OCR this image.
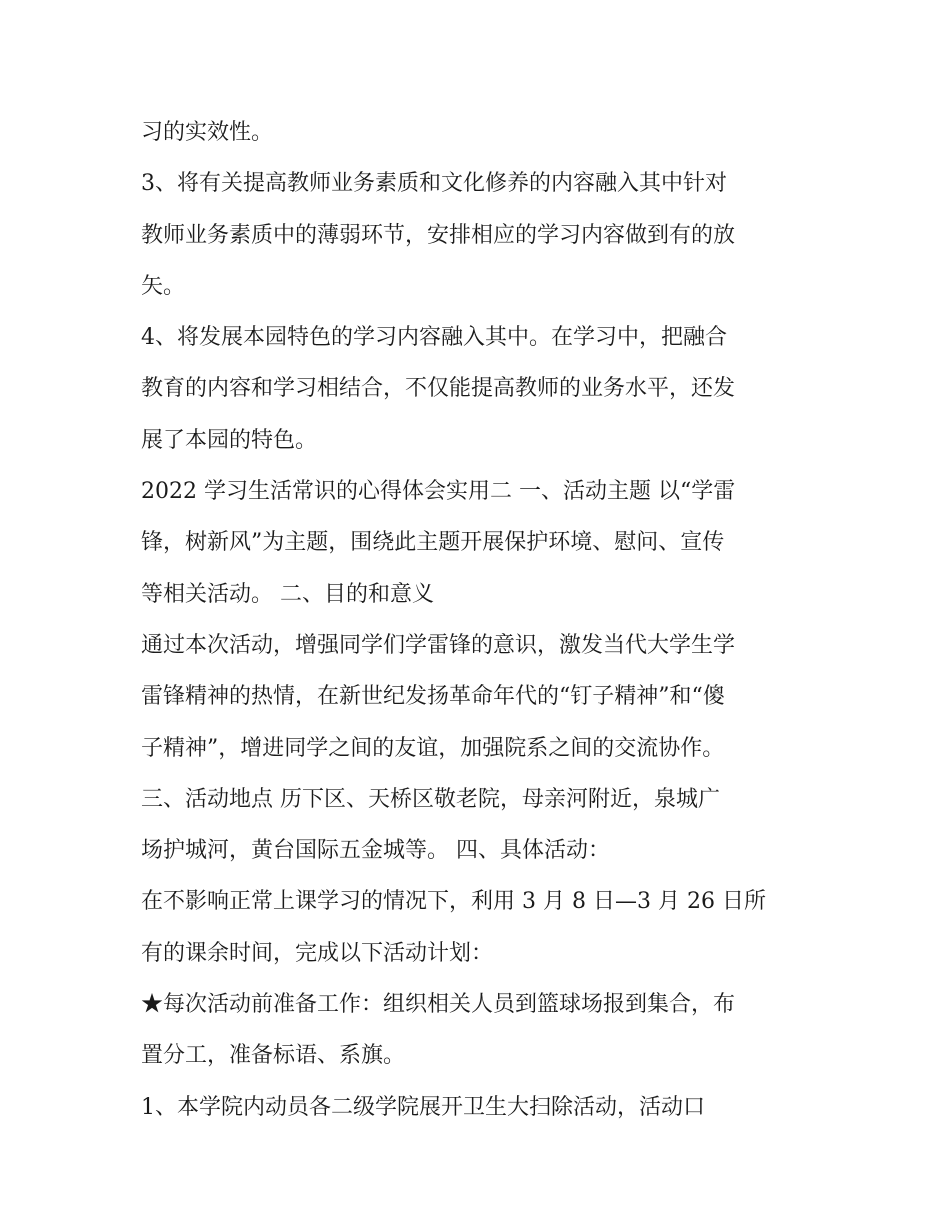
习的实效性。
3、将有关提高教师业务素质和文化修养的内容融入其中针对
教师业务素质中的薄弱环节，安排相应的学习内容做到有的放
矢。
4、将发展本园特色的学习内容融入其中。在学习中，把融合
教育的内容和学习相结合，不仅能提高教师的业务水平，还发
展了本园的特色。
2022 学习生活常识的心得体会实用二 一、活动主题 以“学雷
锋，树新风”为主题，围绕此主题开展保护环境、慰问、宣传
等相关活动。 二、目的和意义
通过本次活动，增强同学们学雷锋的意识，激发当代大学生学
雷锋精神的热情，在新世纪发扬革命年代的“钉子精神”和“傻
子精神”，增进同学之间的友谊，加强院系之间的交流协作。
三、活动地点 历下区、天桥区敬老院，母亲河附近，泉城广
场护城河，黄台国际五金城等。 四、具体活动：
在不影响正常上课学习的情况下，利用 3 月 8 日—3 月 26 日所
有的课余时间，完成以下活动计划：
★每次活动前准备工作：组织相关人员到篮球场报到集合，布
置分工，准备标语、系旗。
1、本学院内动员各二级学院展开卫生大扫除活动，活动口
